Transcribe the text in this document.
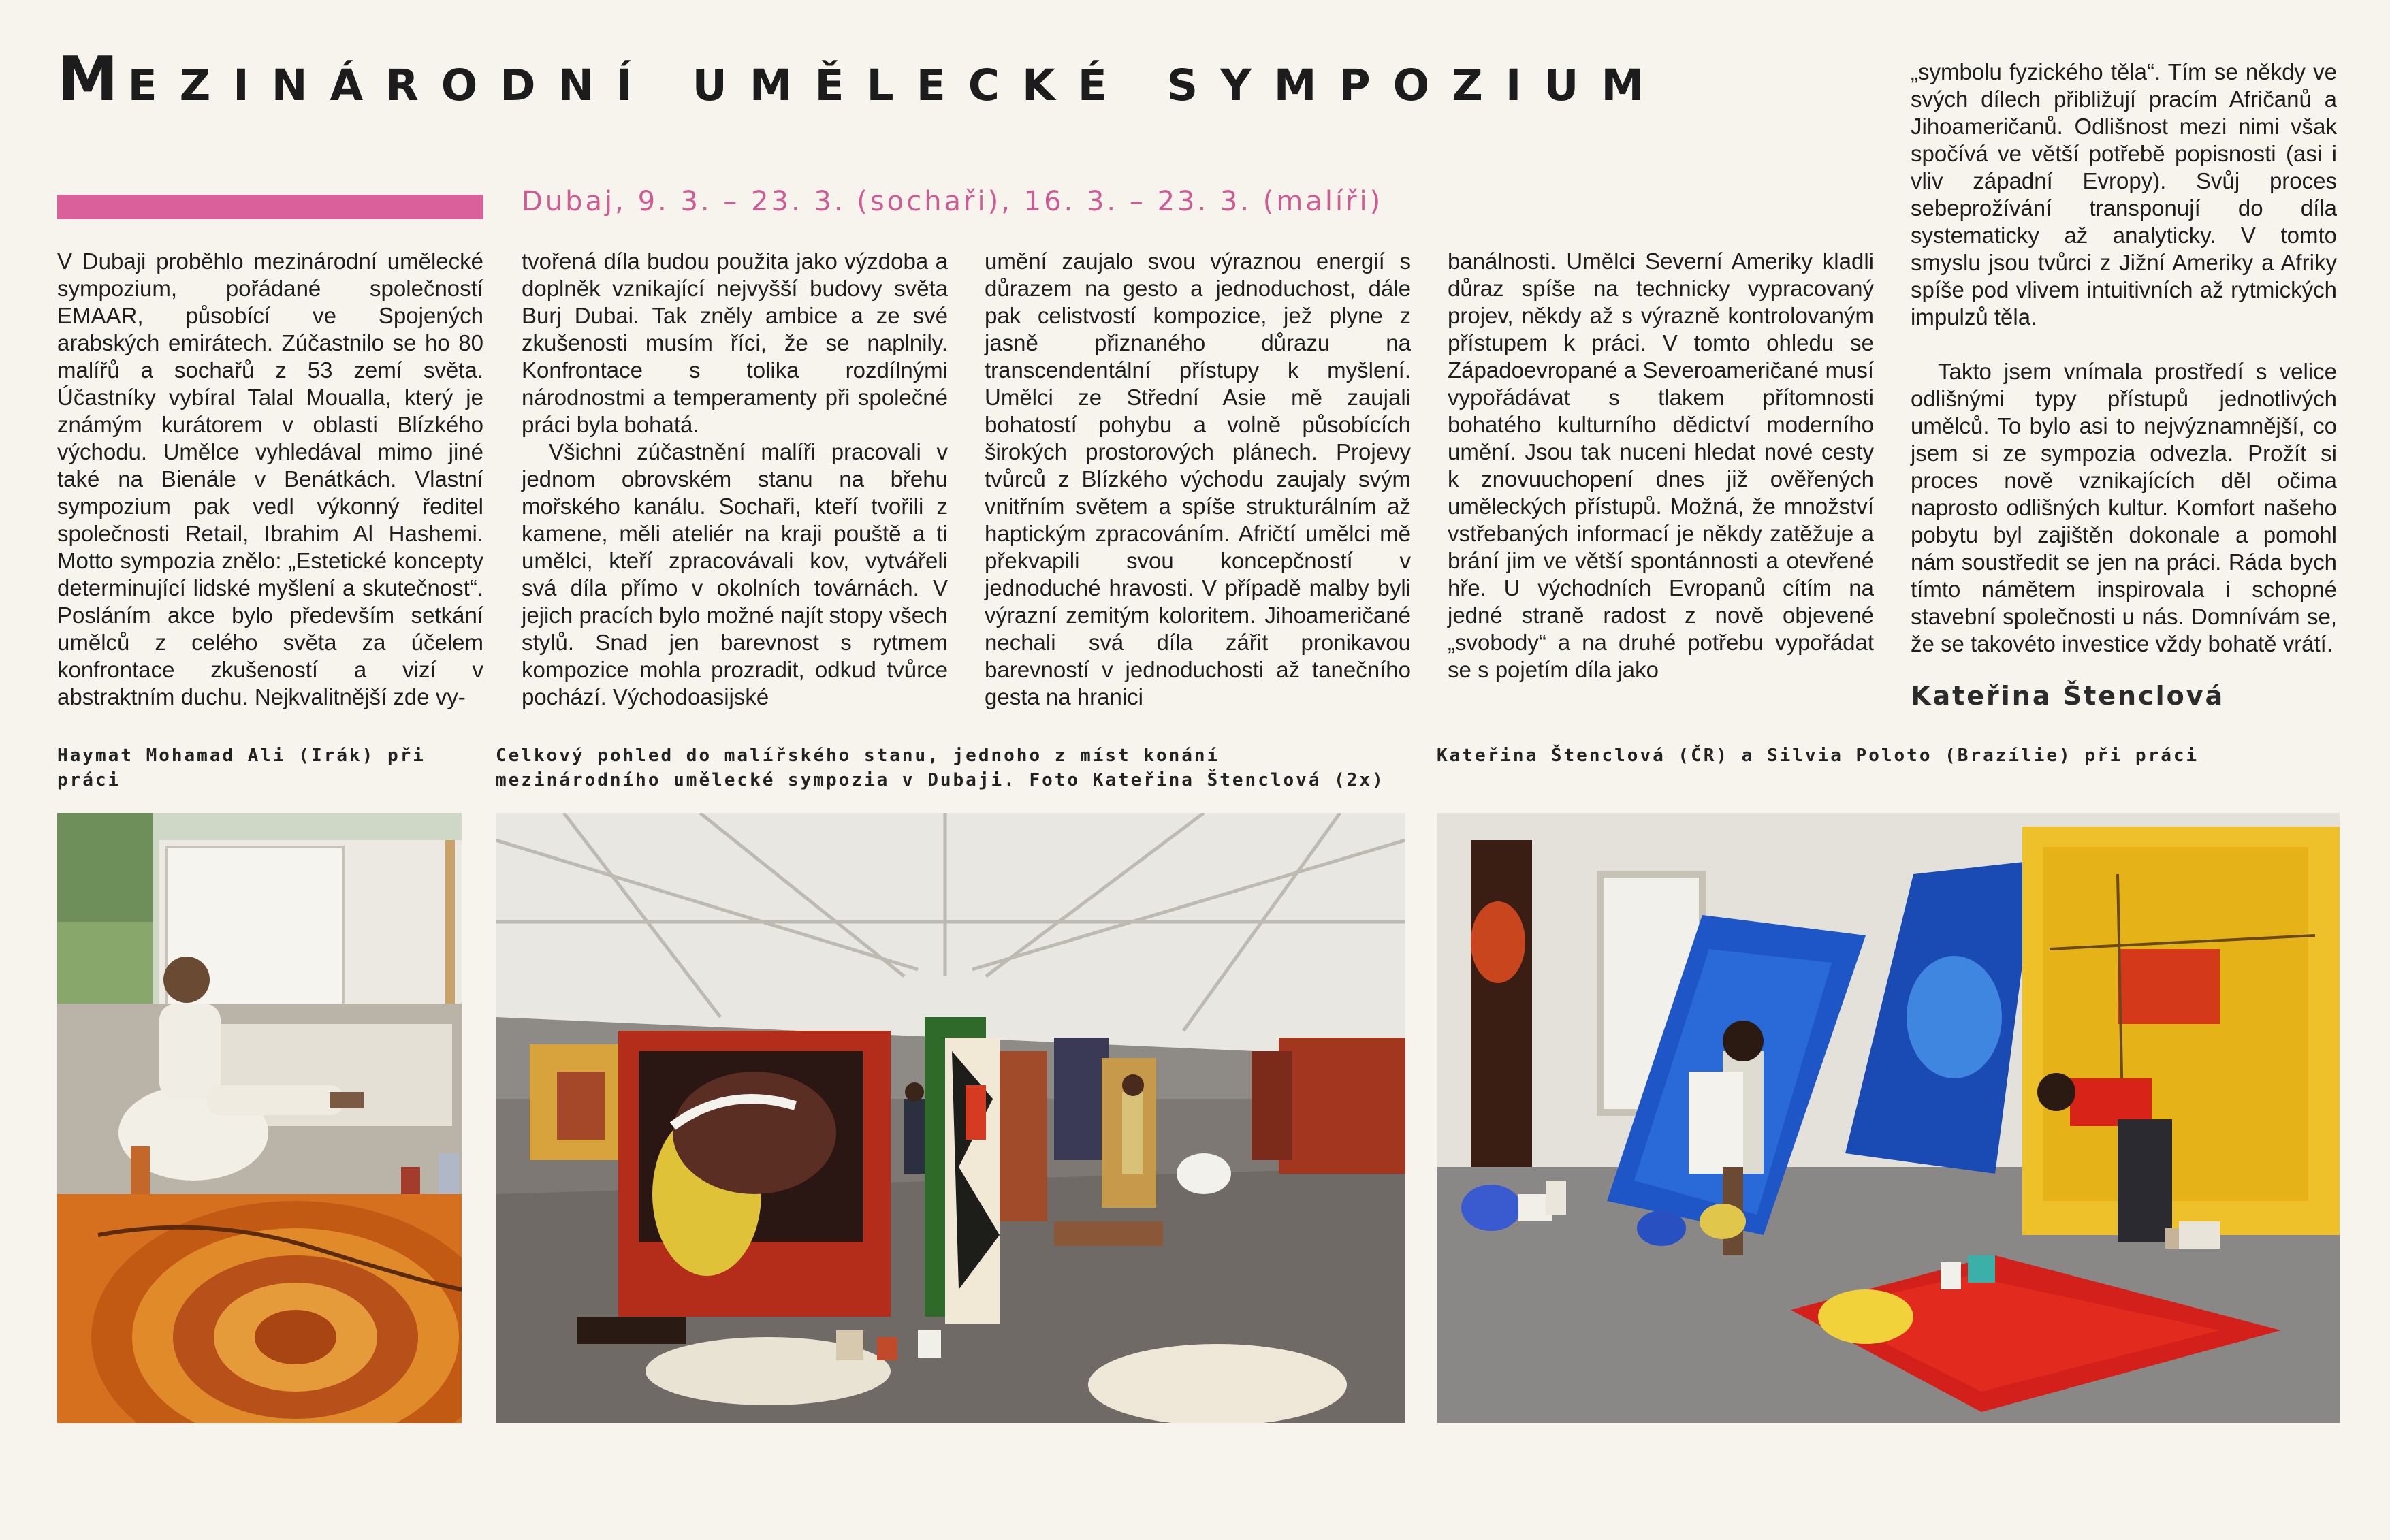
MEZINÁRODNÍ UMĚLECKÉ SYMPOZIUM
Dubaj, 9. 3. – 23. 3. (sochaři), 16. 3. – 23. 3. (malíři)

V Dubaji proběhlo mezinárodní umělecké sympozium, pořádané společností EMAAR, působící ve Spojených arabských emirátech. Zúčastnilo se ho 80 malířů a sochařů z 53 zemí světa. Účastníky vybíral Talal Moualla, který je známým kurátorem v oblasti Blízkého východu. Umělce vyhledával mimo jiné také na Bienále v Benátkách. Vlastní sympozium pak vedl výkonný ředitel společnosti Retail, Ibrahim Al Hashemi. Motto sympozia znělo: „Estetické koncepty determinující lidské myšlení a skutečnost“. Posláním akce bylo především setkání umělců z celého světa za účelem konfrontace zkušeností a vizí v abstraktním duchu. Nejkvalitnější zde vy-

tvořená díla budou použita jako výzdoba a doplněk vznikající nejvyšší budovy světa Burj Dubai. Tak zněly ambice a ze své zkušenosti musím říci, že se naplnily. Konfrontace s tolika rozdílnými národnostmi a temperamenty při společné práci byla bohatá.

Všichni zúčastnění malíři pracovali v jednom obrovském stanu na břehu mořského kanálu. Sochaři, kteří tvořili z kamene, měli ateliér na kraji pouště a ti umělci, kteří zpracovávali kov, vytvářeli svá díla přímo v okolních továrnách. V jejich pracích bylo možné najít stopy všech stylů. Snad jen barevnost s rytmem kompozice mohla prozradit, odkud tvůrce pochází. Východoasijské

umění zaujalo svou výraznou energií s důrazem na gesto a jednoduchost, dále pak celistvostí kompozice, jež plyne z jasně přiznaného důrazu na transcendentální přístupy k myšlení. Umělci ze Střední Asie mě zaujali bohatostí pohybu a volně působících širokých prostorových plánech. Projevy tvůrců z Blízkého východu zaujaly svým vnitřním světem a spíše strukturálním až haptickým zpracováním. Afričtí umělci mě překvapili svou koncepčností v jednoduché hravosti. V případě malby byli výrazní zemitým koloritem. Jihoameričané nechali svá díla zářit pronikavou barevností v jednoduchosti až tanečního gesta na hranici

banálnosti. Umělci Severní Ameriky kladli důraz spíše na technicky vypracovaný projev, někdy až s výrazně kontrolovaným přístupem k práci. V tomto ohledu se Západoevropané a Severoameričané musí vypořádávat s tlakem přítomnosti bohatého kulturního dědictví moderního umění. Jsou tak nuceni hledat nové cesty k znovuuchopení dnes již ověřených uměleckých přístupů. Možná, že množství vstřebaných informací je někdy zatěžuje a brání jim ve větší spontánnosti a otevřené hře. U východních Evropanů cítím na jedné straně radost z nově objevené „svobody“ a na druhé potřebu vypořádat se s pojetím díla jako

„symbolu fyzického těla“. Tím se někdy ve svých dílech přibližují pracím Afričanů a Jihoameričanů. Odlišnost mezi nimi však spočívá ve větší potřebě popisnosti (asi i vliv západní Evropy). Svůj proces sebeprožívání transponují do díla systematicky až analyticky. V tomto smyslu jsou tvůrci z Jižní Ameriky a Afriky spíše pod vlivem intuitivních až rytmických impulzů těla.

Takto jsem vnímala prostředí s velice odlišnými typy přístupů jednotlivých umělců. To bylo asi to nejvýznamnější, co jsem si ze sympozia odvezla. Prožít si proces nově vznikajících děl očima naprosto odlišných kultur. Komfort našeho pobytu byl zajištěn dokonale a pomohl nám soustředit se jen na práci. Ráda bych tímto námětem inspirovala i schopné stavební společnosti u nás. Domnívám se, že se takovéto investice vždy bohatě vrátí.

Kateřina Štenclová
Haymat Mohamad Ali (Irák) při práci
Celkový pohled do malířského stanu, jednoho z míst konání mezinárodního umělecké sympozia v Dubaji. Foto Kateřina Štenclová (2x)
Kateřina Štenclová (ČR) a Silvia Poloto (Brazílie) při práci
